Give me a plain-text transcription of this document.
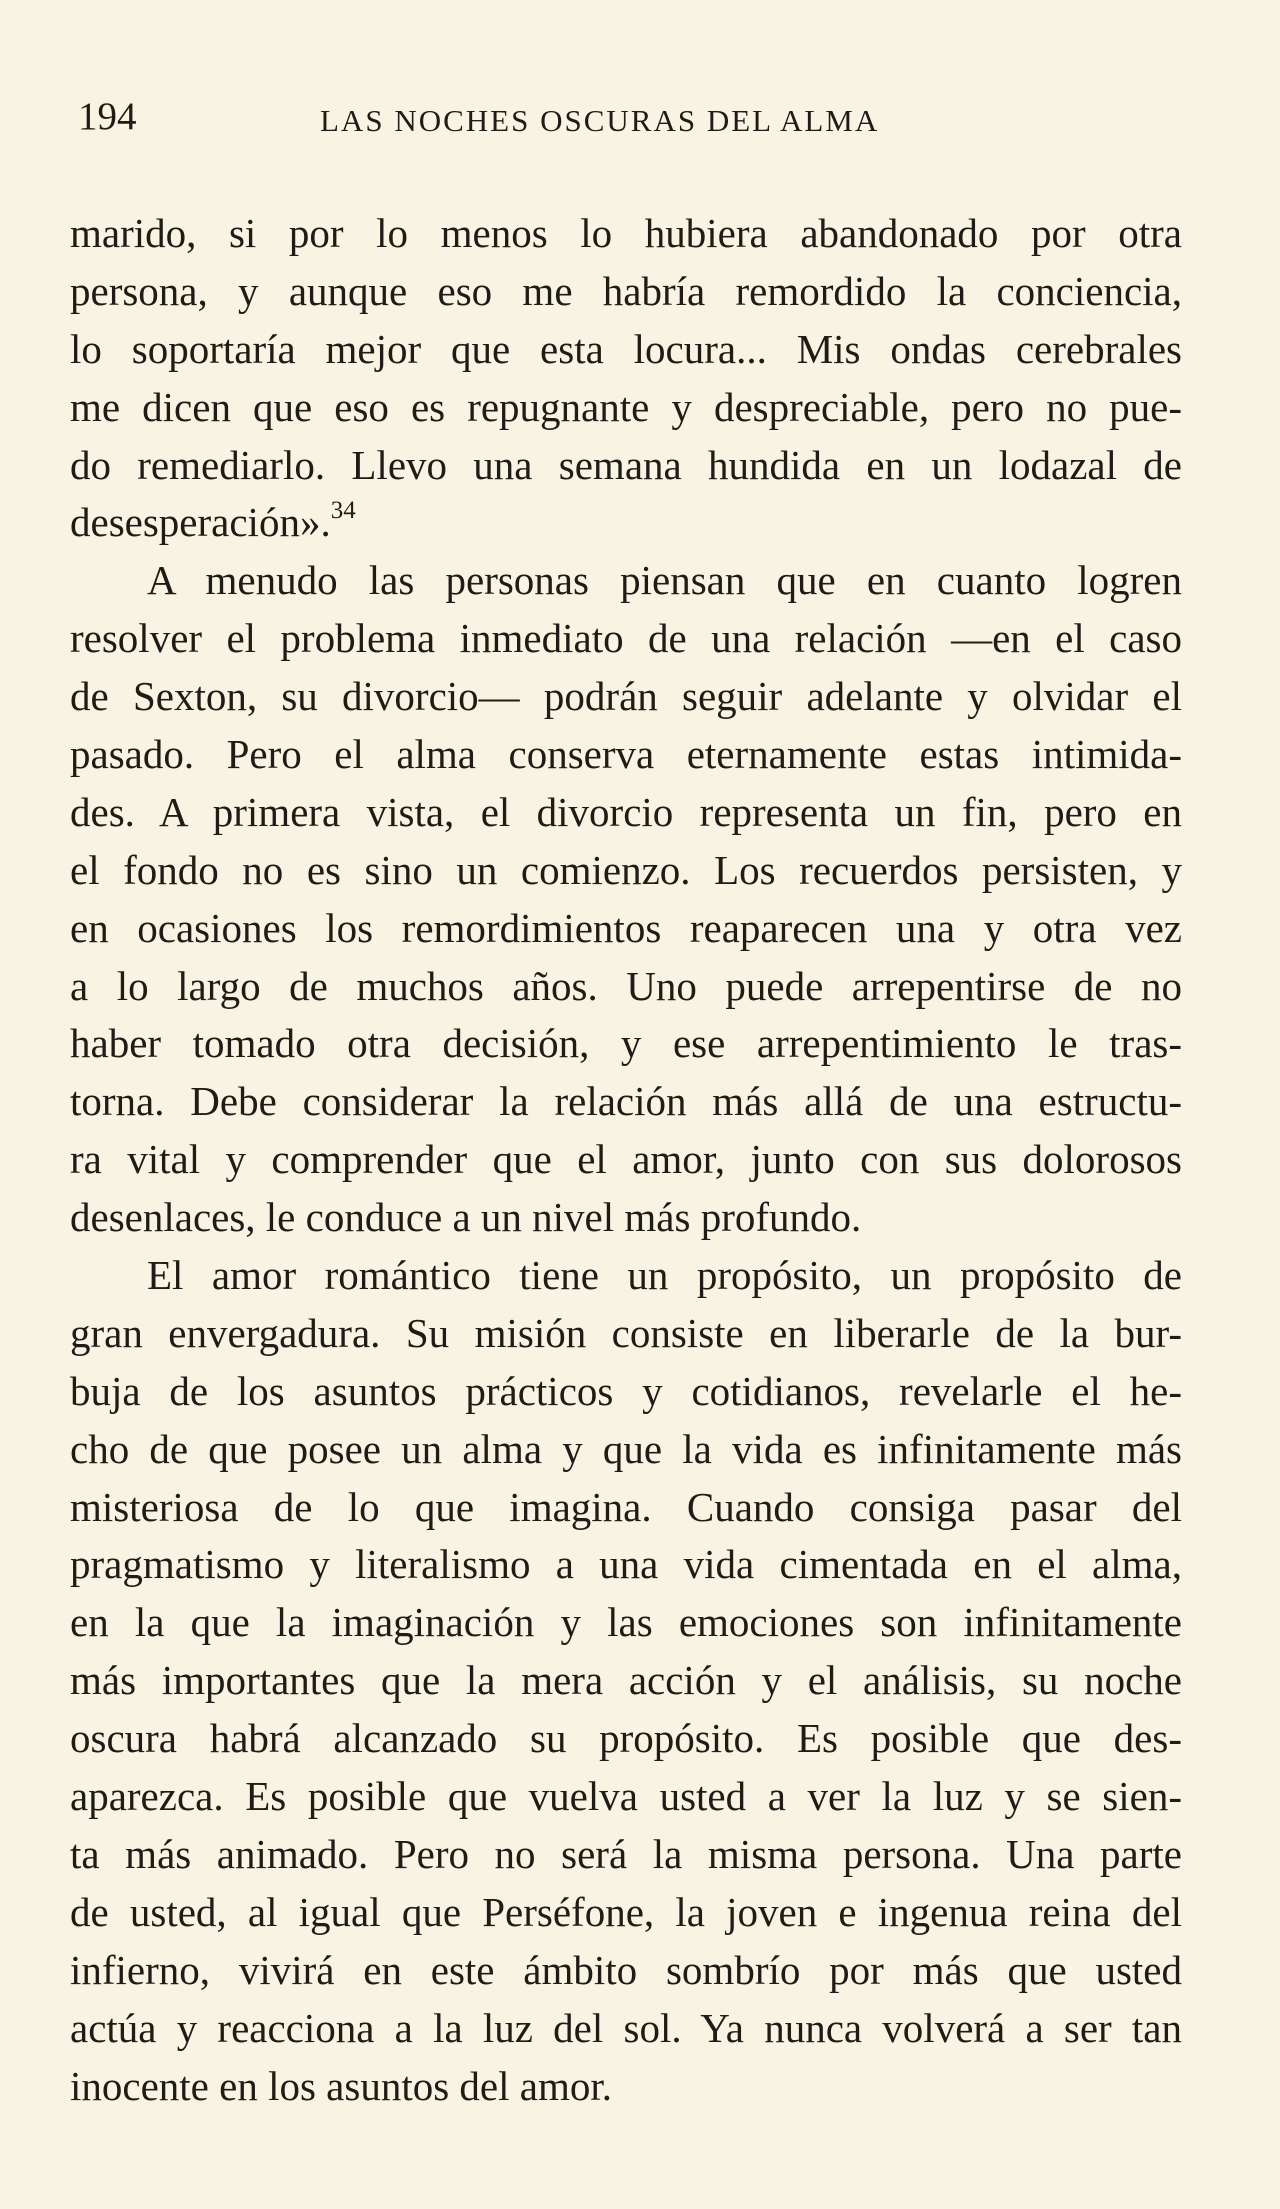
194	LAS NOCHES OSCURAS DEL ALMA
marido, si por lo menos lo hubiera abandonado por otra
persona, y aunque eso me habría remordido la conciencia,
lo soportaría mejor que esta locura... Mis ondas cerebrales
me dicen que eso es repugnante y despreciable, pero no pue-
do remediarlo. Llevo una semana hundida en un lodazal de
desesperación».$^{34}$
A menudo las personas piensan que en cuanto logren
resolver el problema inmediato de una relación —en el caso
de Sexton, su divorcio— podrán seguir adelante y olvidar el
pasado. Pero el alma conserva eternamente estas intimida-
des. A primera vista, el divorcio representa un fin, pero en
el fondo no es sino un comienzo. Los recuerdos persisten, y
en ocasiones los remordimientos reaparecen una y otra vez
a lo largo de muchos años. Uno puede arrepentirse de no
haber tomado otra decisión, y ese arrepentimiento le tras-
torna. Debe considerar la relación más allá de una estructu-
ra vital y comprender que el amor, junto con sus dolorosos
desenlaces, le conduce a un nivel más profundo.
El amor romántico tiene un propósito, un propósito de
gran envergadura. Su misión consiste en liberarle de la bur-
buja de los asuntos prácticos y cotidianos, revelarle el he-
cho de que posee un alma y que la vida es infinitamente más
misteriosa de lo que imagina. Cuando consiga pasar del
pragmatismo y literalismo a una vida cimentada en el alma,
en la que la imaginación y las emociones son infinitamente
más importantes que la mera acción y el análisis, su noche
oscura habrá alcanzado su propósito. Es posible que des-
aparezca. Es posible que vuelva usted a ver la luz y se sien-
ta más animado. Pero no será la misma persona. Una parte
de usted, al igual que Perséfone, la joven e ingenua reina del
infierno, vivirá en este ámbito sombrío por más que usted
actúa y reacciona a la luz del sol. Ya nunca volverá a ser tan
inocente en los asuntos del amor.
